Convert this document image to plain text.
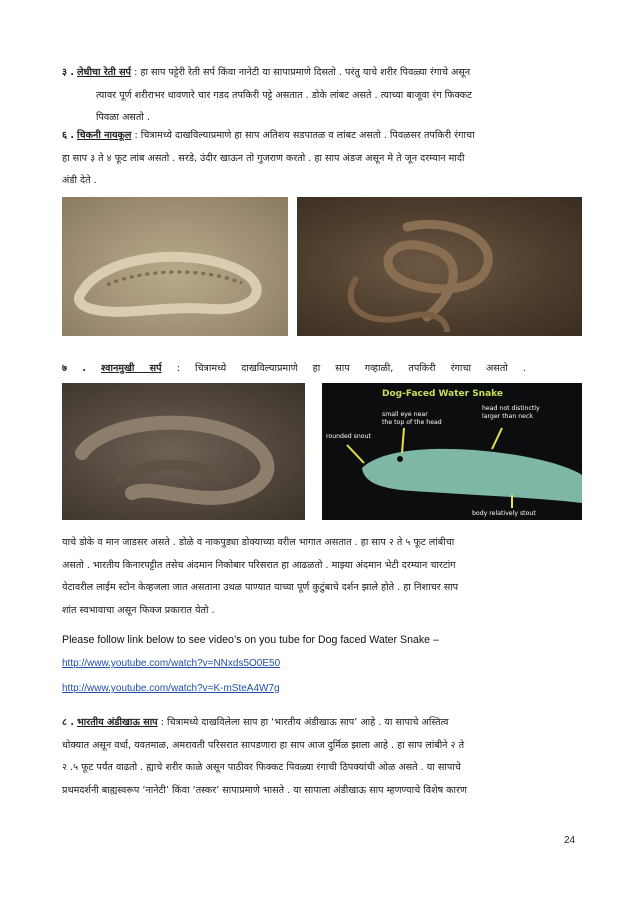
३ . लेधीचा रेती सर्प : हा साप पट्टेरी रेती सर्प किंवा नानेटी या सापाप्रमाणे दिसतो . परंतु याचे शरीर पिवळ्या रंगाचे असून
त्यावर पूर्ण शरीराभर धावणारे चार गडद तपकिरी पट्टे असतात . डोके लांबट असते . त्याच्या बाजूवा रंग फिक्कट
पिवळा असतो .
६ . चिकनी नायकूल : चित्रामध्ये दाखविल्याप्रमाणे हा साप अतिशय सडपातळ व लांबट असतो . पिवळसर तपकिरी रंगाचा
हा साप ३ ते ४ फूट लांब असतो . सरडे, उंदीर खाऊन तो गुजराण करतो . हा साप अंडज असून मे ते जून दरम्यान मादी
अंडी देते .
७ . श्वानमुखी सर्प : चित्रामध्ये दाखविल्याप्रमाणे हा साप गव्हाळी, तपकिरी रंगाचा असतो .
Dog-Faced Water Snake
rounded snout
small eye near
the top of the head
head not distinctly
larger than neck
body relatively stout
याचे डोके व मान जाडसर असते . डोळे व नाकपुड्या डोक्याच्या वरील भागात असतात . हा साप २ ते ५ फूट लांबीचा
असतो . भारतीय किनारपट्टीत तसेच अंदमान निकोबार परिसरात हा आढळतो . माझ्या अंदमान भेटी दरम्यान चारटांग
येटावरील लाईम स्टोन केव्हजला जात असताना उथळ पाण्यात याच्या पूर्ण कुटुंबाचे दर्शन झाले होते . हा निशाचर साप
शांत स्वभावाचा असून फिक्ज प्रकारात येतो .
Please follow link below to see video’s on you tube for Dog faced Water Snake –
http://www.youtube.com/watch?v=NNxds5O0E50
http://www.youtube.com/watch?v=K-mSteA4W7g
८ . भारतीय अंडीखाऊ साप : चित्रामध्ये दाखविलेला साप हा ‘भारतीय अंडीखाऊ साप’ आहे . या सापाचे अस्तित्व
धोक्यात असून वर्धा, यवतमाळ, अमरावती परिसरात सापडणारा हा साप आज दुर्मिळ झाला आहे . हा साप लांबीने २ ते
२ .५ फूट पर्यंत वाढतो . ह्याचे शरीर काळे असून पाठीवर फिक्कट पिवळ्या रंगाची ठिपक्यांची ओळ असते . या सापाचे
प्रथमदर्शनी बाह्यस्वरूप ‘नानेटी’ किंवा ‘तस्कर’ सापाप्रमाणे भासते . या सापाला अंडीखाऊ साप म्हणण्याचे विशेष कारण
24
